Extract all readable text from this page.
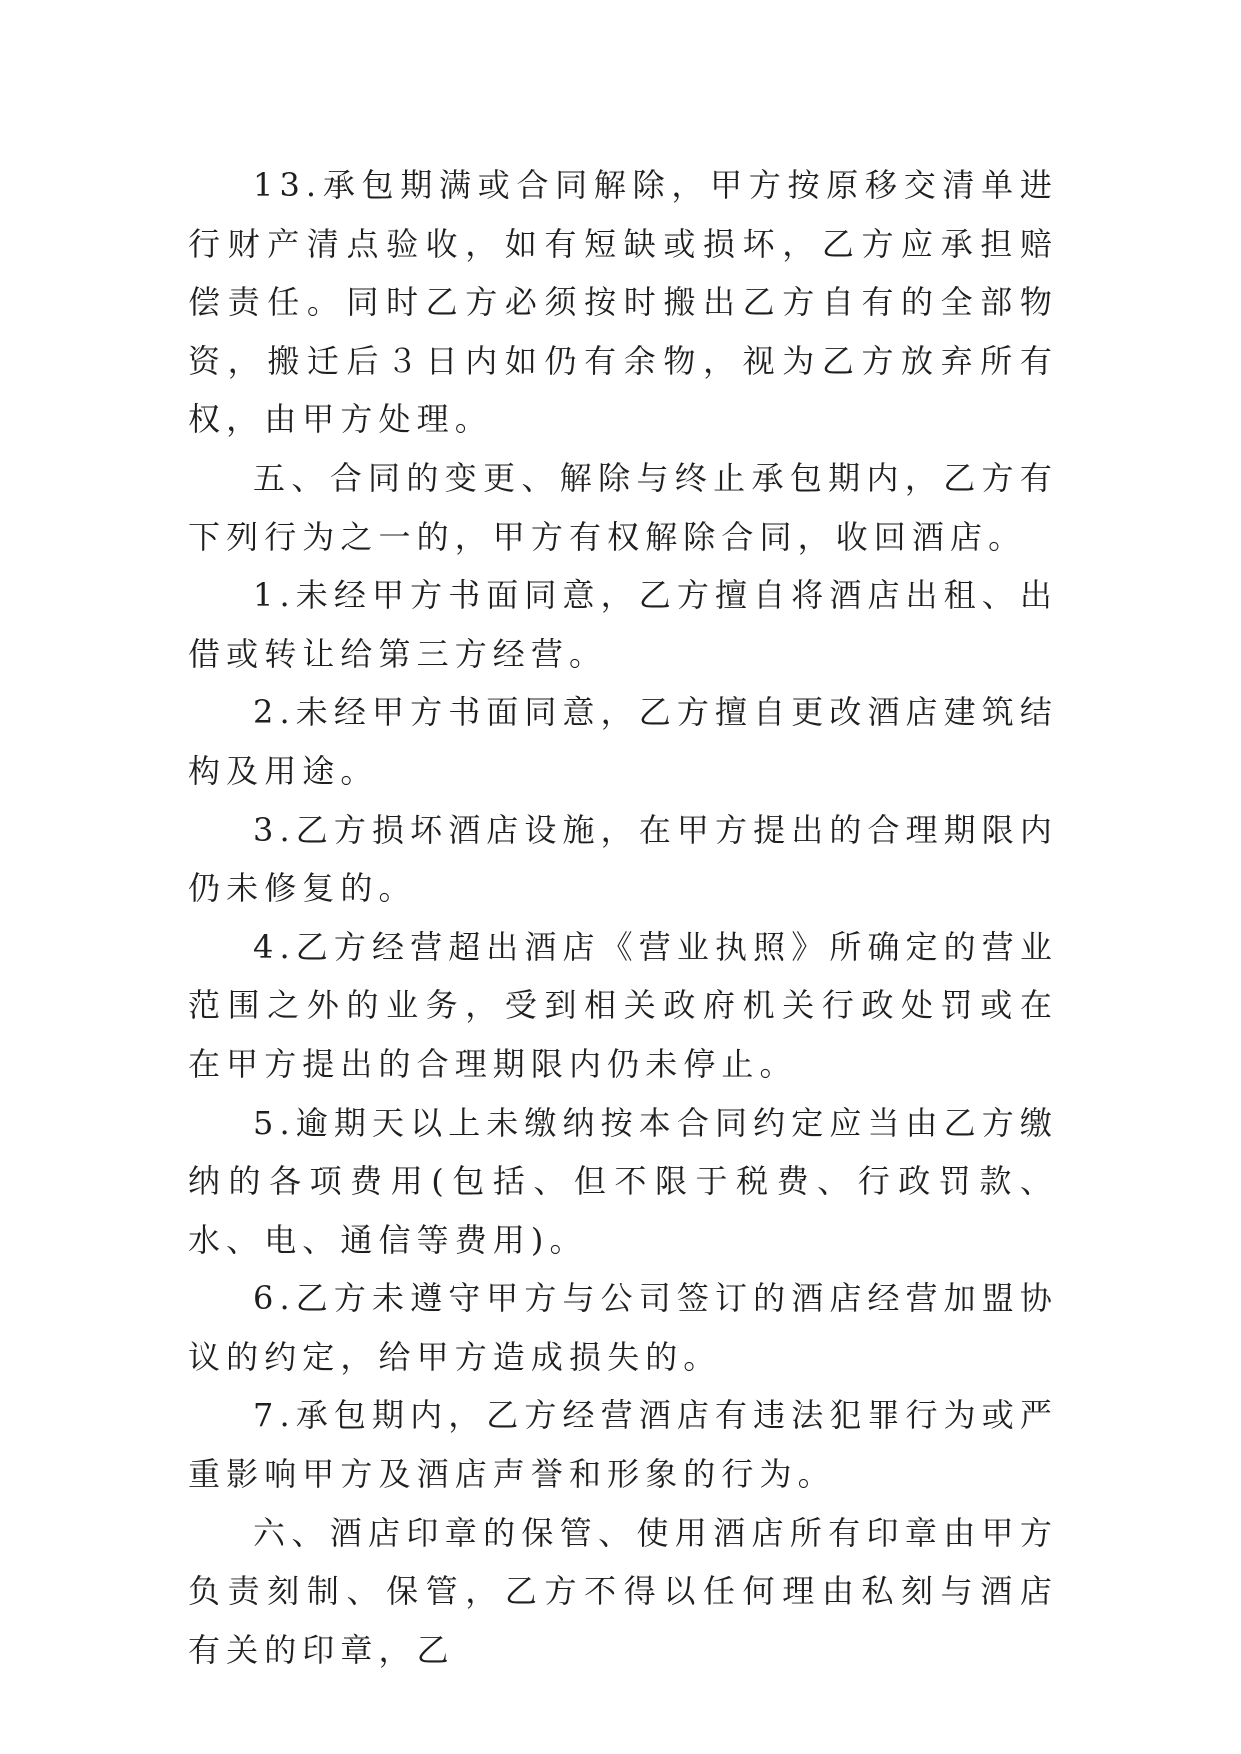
13.承包期满或合同解除，甲方按原移交清单进行财产清点验收，如有短缺或损坏，乙方应承担赔偿责任。同时乙方必须按时搬出乙方自有的全部物资，搬迁后３日内如仍有余物，视为乙方放弃所有权，由甲方处理。

五、合同的变更、解除与终止承包期内，乙方有下列行为之一的，甲方有权解除合同，收回酒店。

1.未经甲方书面同意，乙方擅自将酒店出租、出借或转让给第三方经营。

2.未经甲方书面同意，乙方擅自更改酒店建筑结构及用途。

3.乙方损坏酒店设施，在甲方提出的合理期限内仍未修复的。

4.乙方经营超出酒店《营业执照》所确定的营业范围之外的业务，受到相关政府机关行政处罚或在在甲方提出的合理期限内仍未停止。

5.逾期天以上未缴纳按本合同约定应当由乙方缴纳的各项费用(包括、但不限于税费、行政罚款、水、电、通信等费用)。

6.乙方未遵守甲方与公司签订的酒店经营加盟协议的约定，给甲方造成损失的。

7.承包期内，乙方经营酒店有违法犯罪行为或严重影响甲方及酒店声誉和形象的行为。

六、酒店印章的保管、使用酒店所有印章由甲方负责刻制、保管，乙方不得以任何理由私刻与酒店有关的印章，乙
